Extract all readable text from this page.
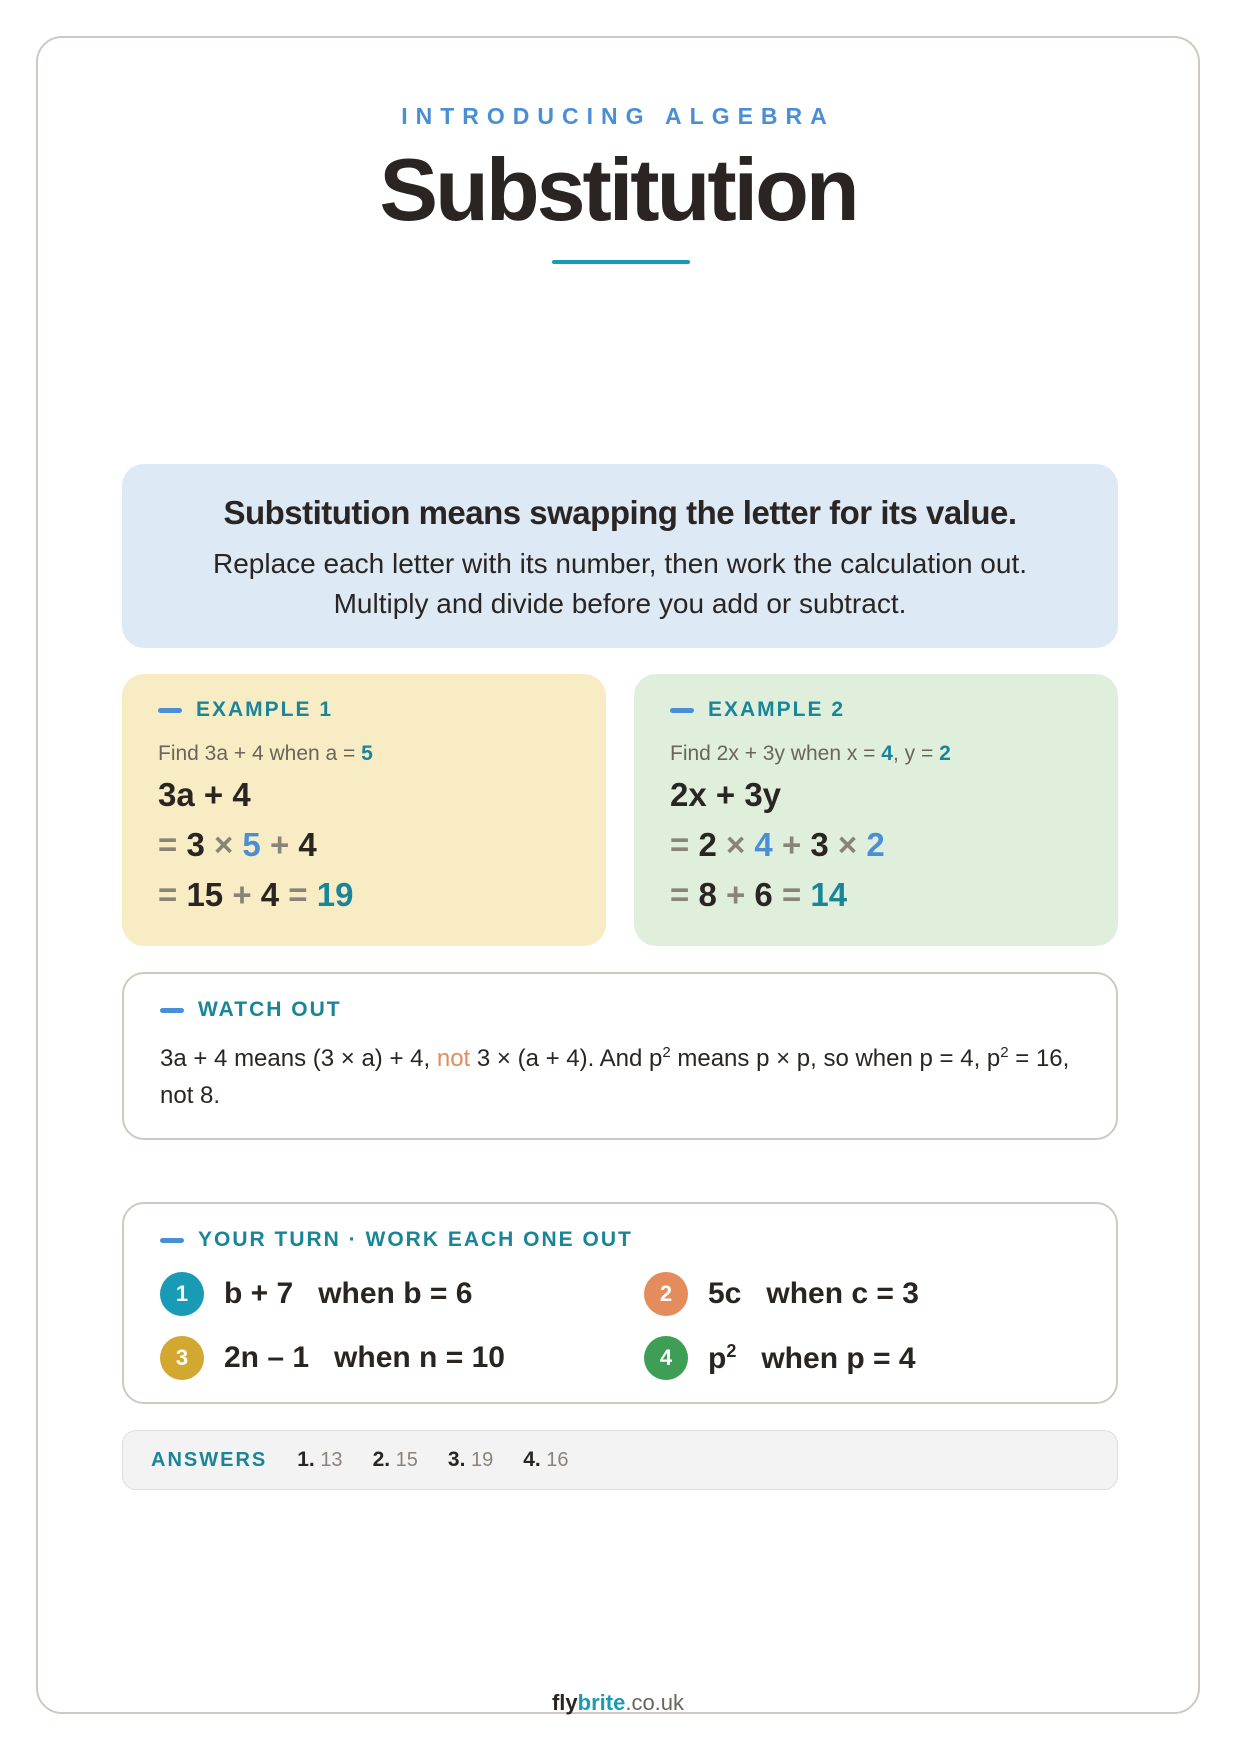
INTRODUCING ALGEBRA
Substitution
Substitution means swapping the letter for its value.
Replace each letter with its number, then work the calculation out. Multiply and divide before you add or subtract.
EXAMPLE 1
Find 3a + 4 when a = 5
3a + 4
= 3 × 5 + 4
= 15 + 4 = 19
EXAMPLE 2
Find 2x + 3y when x = 4, y = 2
2x + 3y
= 2 × 4 + 3 × 2
= 8 + 6 = 14
WATCH OUT
3a + 4 means (3 × a) + 4, not 3 × (a + 4). And $p^2$ means p × p, so when p = 4, $p^2 = 16$, not 8.
YOUR TURN · WORK EACH ONE OUT
1	b + 7   when b = 6	2	5c   when c = 3
3	2n – 1   when n = 10	4	$p^2$   when p = 4
ANSWERS 1. 13 2. 15 3. 19 4. 16
flybrite.co.uk
